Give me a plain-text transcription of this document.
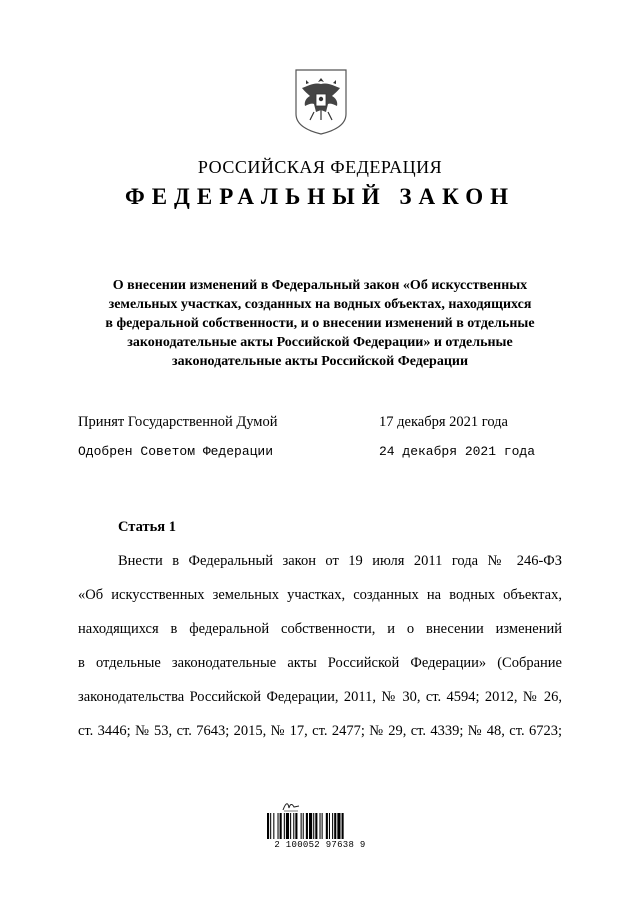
РОССИЙСКАЯ ФЕДЕРАЦИЯ
ФЕДЕРАЛЬНЫЙ ЗАКОН
О внесении изменений в Федеральный закон «Об искусственных
земельных участках, созданных на водных объектах, находящихся
в федеральной собственности, и о внесении изменений в отдельные
законодательные акты Российской Федерации» и отдельные
законодательные акты Российской Федерации
Принят Государственной Думой	17 декабря 2021 года
Одобрен Советом Федерации	24 декабря 2021 года
Статья 1
Внести в Федеральный закон от 19 июля 2011 года № 246-ФЗ
«Об искусственных земельных участках, созданных на водных объектах,
находящихся в федеральной собственности, и о внесении изменений
в отдельные законодательные акты Российской Федерации» (Собрание
законодательства Российской Федерации, 2011, № 30, ст. 4594; 2012, № 26,
ст. 3446; № 53, ст. 7643; 2015, № 17, ст. 2477; № 29, ст. 4339; № 48, ст. 6723;
2 100052 97638 9
